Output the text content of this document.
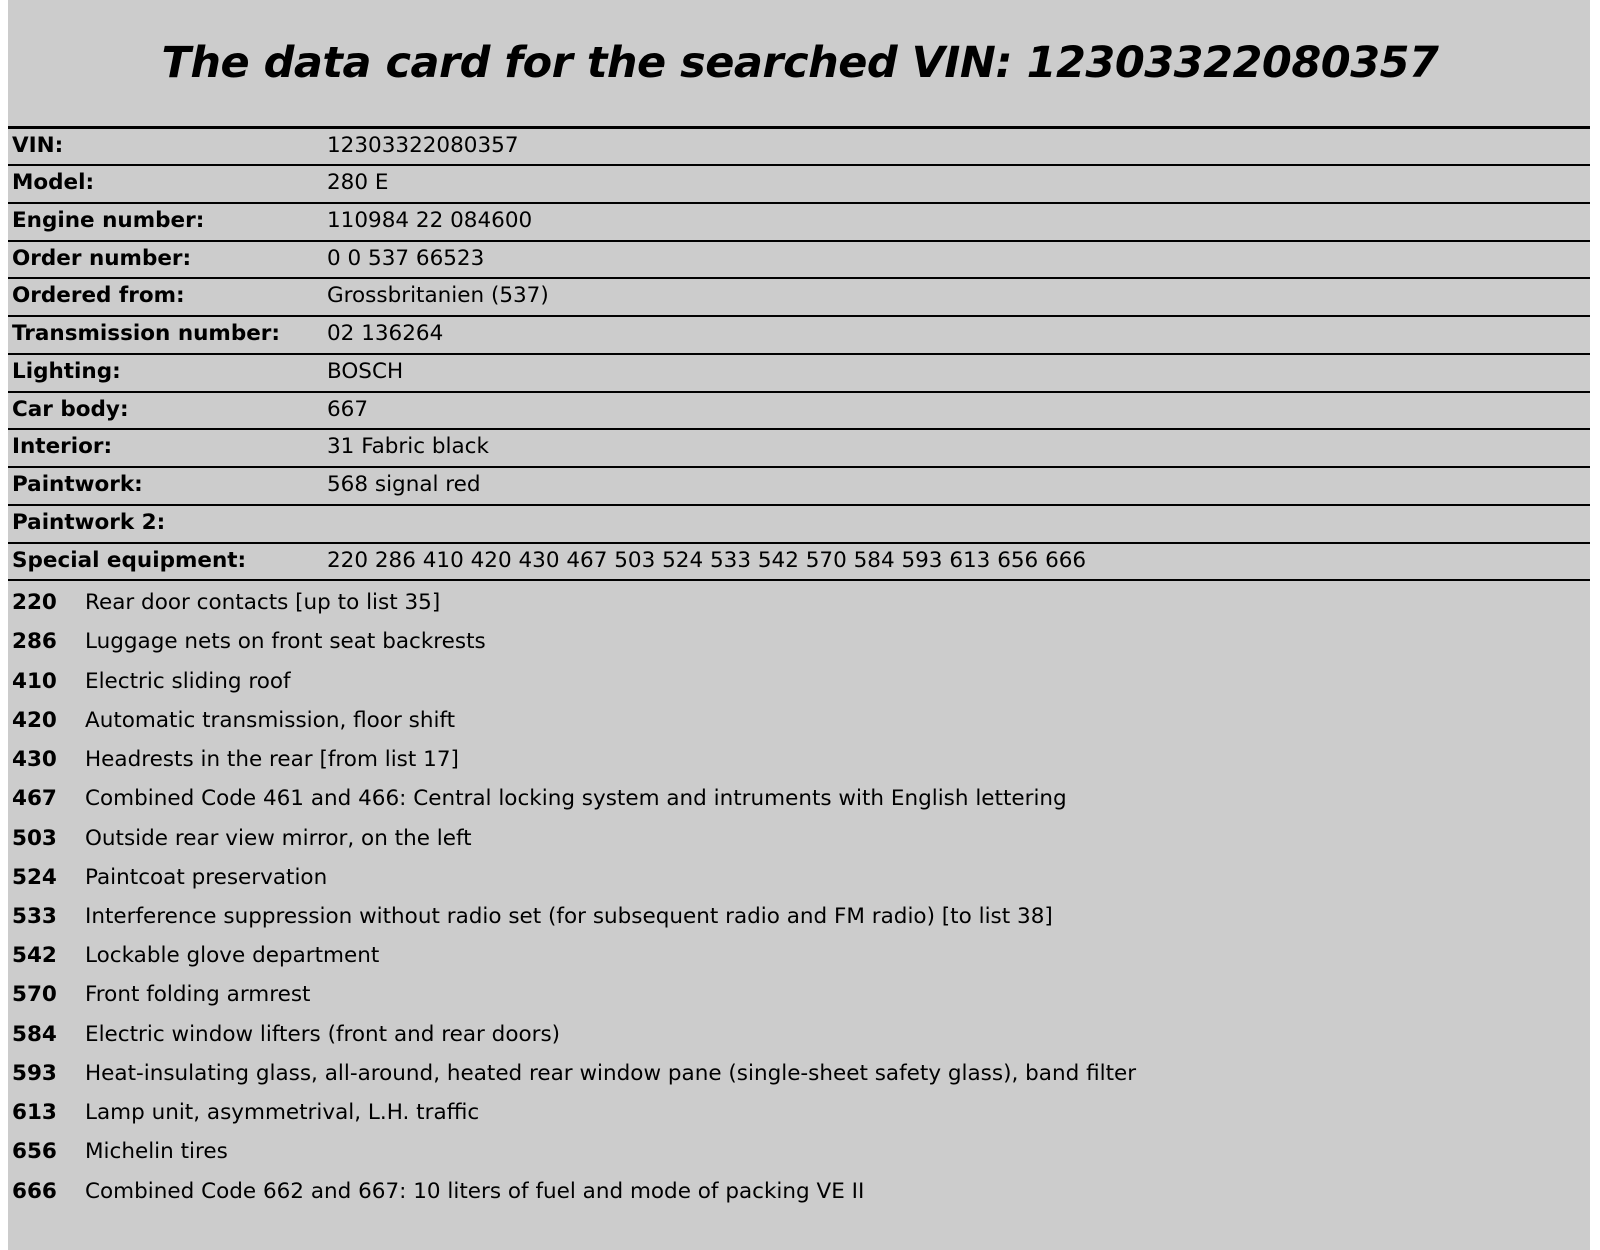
The data card for the searched VIN: 12303322080357
VIN:	12303322080357
Model:	280 E
Engine number:	110984 22 084600
Order number:	0 0 537 66523
Ordered from:	Grossbritanien (537)
Transmission number:	02 136264
Lighting:	BOSCH
Car body:	667
Interior:	31 Fabric black
Paintwork:	568 signal red
Paintwork 2:	
Special equipment:	220 286 410 420 430 467 503 524 533 542 570 584 593 613 656 666
220	Rear door contacts [up to list 35]
286	Luggage nets on front seat backrests
410	Electric sliding roof
420	Automatic transmission, floor shift
430	Headrests in the rear [from list 17]
467	Combined Code 461 and 466: Central locking system and intruments with English lettering
503	Outside rear view mirror, on the left
524	Paintcoat preservation
533	Interference suppression without radio set (for subsequent radio and FM radio) [to list 38]
542	Lockable glove department
570	Front folding armrest
584	Electric window lifters (front and rear doors)
593	Heat-insulating glass, all-around, heated rear window pane (single-sheet safety glass), band filter
613	Lamp unit, asymmetrival, L.H. traffic
656	Michelin tires
666	Combined Code 662 and 667: 10 liters of fuel and mode of packing VE II
